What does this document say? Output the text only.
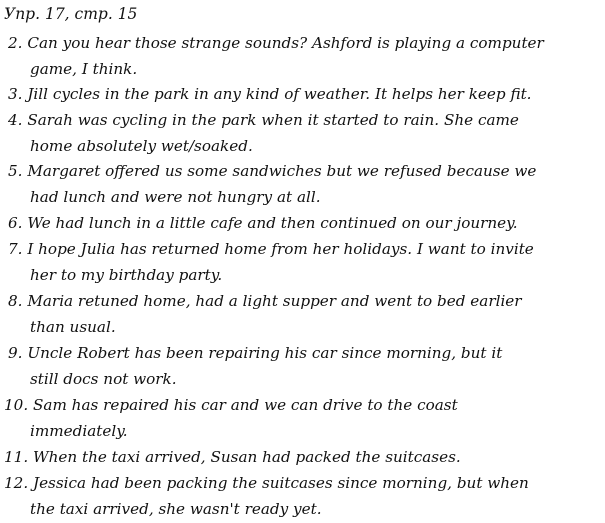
Упр. 17, стр. 15
2. Can you hear those strange sounds? Ashford is playing a computer
game, I think.
3. Jill cycles in the park in any kind of weather. It helps her keep fit.
4. Sarah was cycling in the park when it started to rain. She came
home absolutely wet/soaked.
5. Margaret offered us some sandwiches but we refused because we
had lunch and were not hungry at all.
6. We had lunch in a little cafe and then continued on our journey.
7. I hope Julia has returned home from her holidays. I want to invite
her to my birthday party.
8. Maria retuned home, had a light supper and went to bed earlier
than usual.
9. Uncle Robert has been repairing his car since morning, but it
still docs not work.
10. Sam has repaired his car and we can drive to the coast
immediately.
11. When the taxi arrived, Susan had packed the suitcases.
12. Jessica had been packing the suitcases since morning, but when
the taxi arrived, she wasn't ready yet.
